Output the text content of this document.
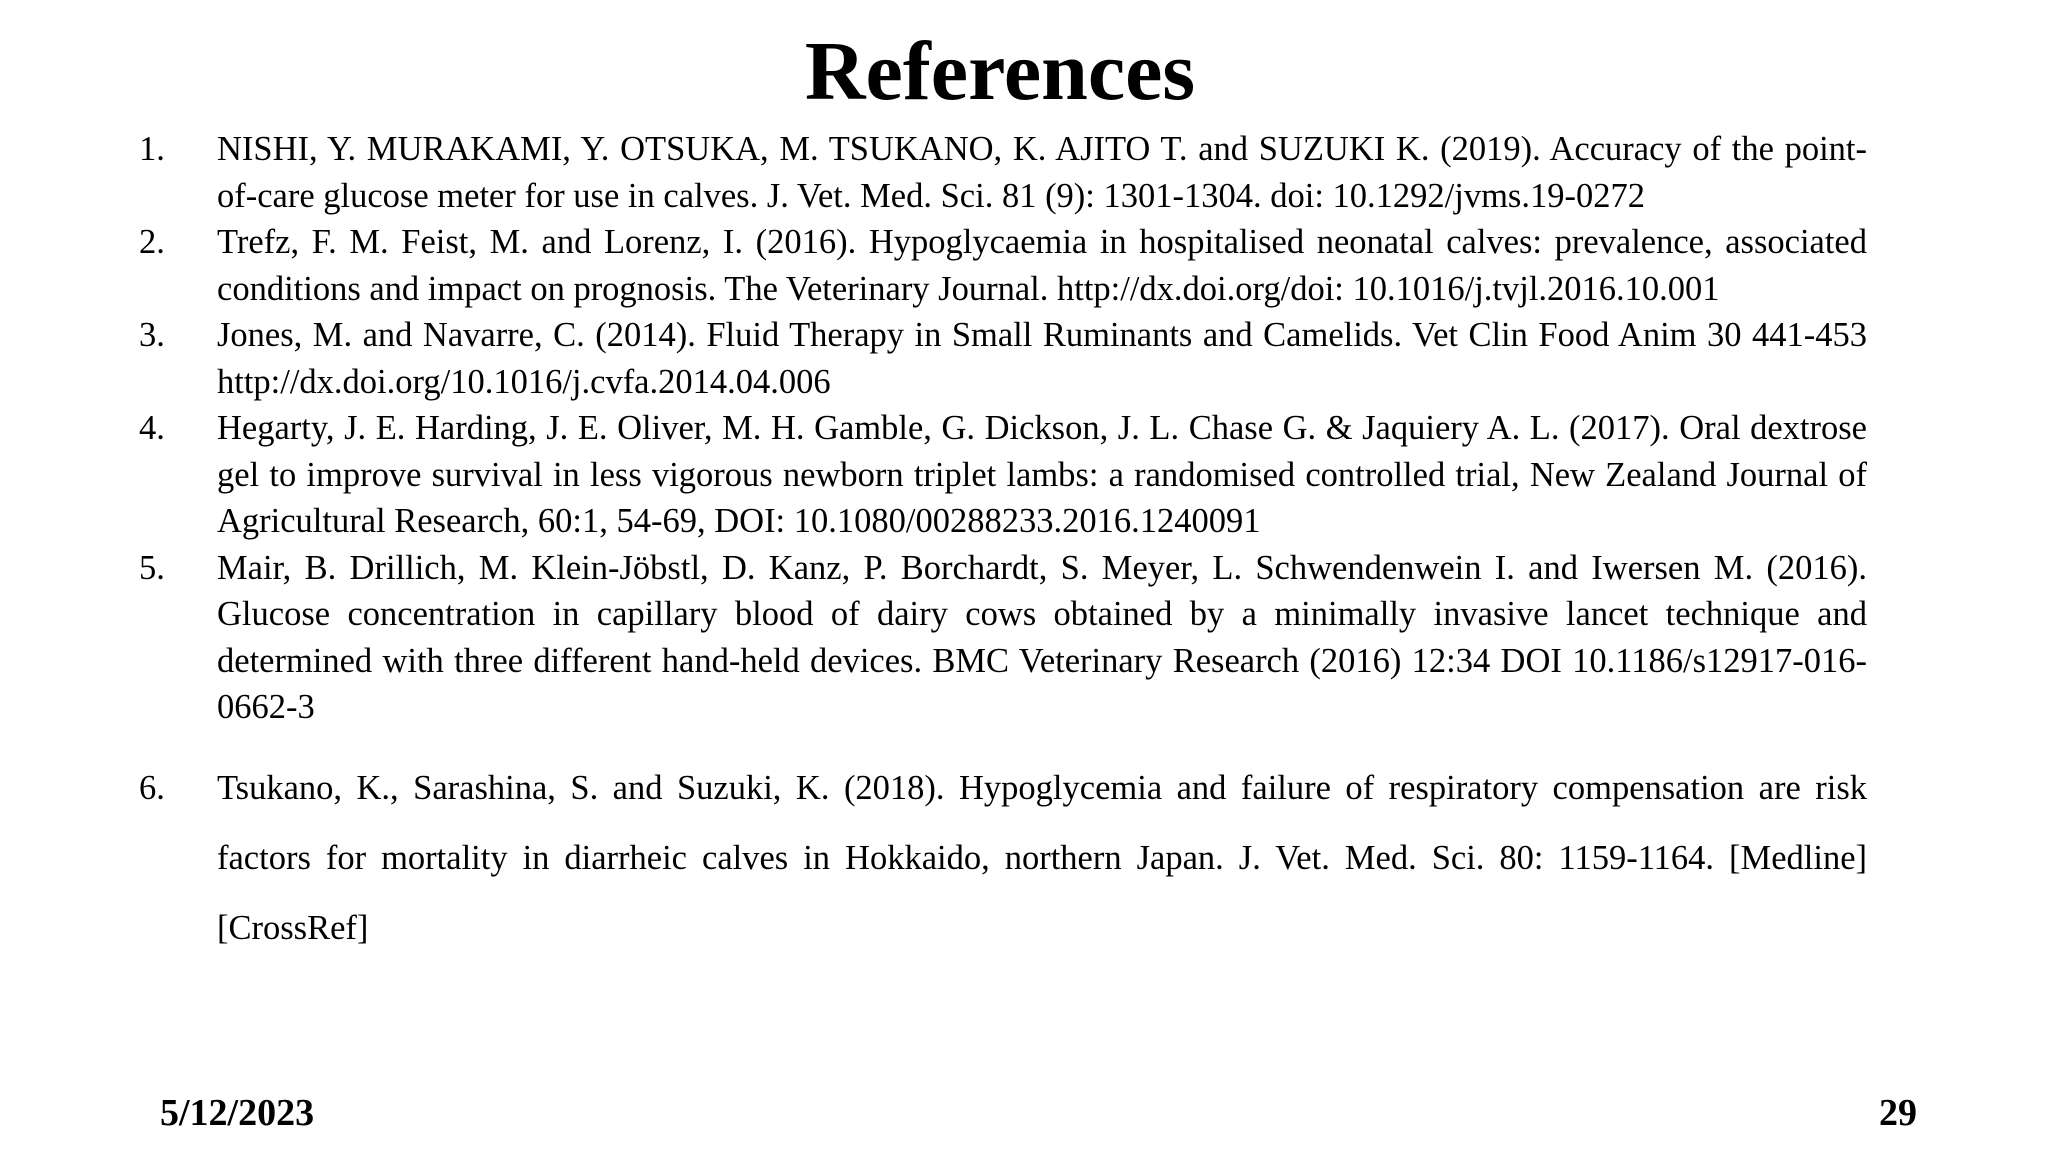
References
1. NISHI, Y. MURAKAMI, Y. OTSUKA, M. TSUKANO, K. AJITO T. and SUZUKI K. (2019). Accuracy of the point-of-care glucose meter for use in calves. J. Vet. Med. Sci. 81 (9): 1301-1304. doi: 10.1292/jvms.19-0272
2. Trefz, F. M. Feist, M. and Lorenz, I. (2016). Hypoglycaemia in hospitalised neonatal calves: prevalence, associated conditions and impact on prognosis. The Veterinary Journal. http://dx.doi.org/doi: 10.1016/j.tvjl.2016.10.001
3. Jones, M. and Navarre, C. (2014). Fluid Therapy in Small Ruminants and Camelids. Vet Clin Food Anim 30 441-453 http://dx.doi.org/10.1016/j.cvfa.2014.04.006
4. Hegarty, J. E. Harding, J. E. Oliver, M. H. Gamble, G. Dickson, J. L. Chase G. & Jaquiery A. L. (2017). Oral dextrose gel to improve survival in less vigorous newborn triplet lambs: a randomised controlled trial, New Zealand Journal of Agricultural Research, 60:1, 54-69, DOI: 10.1080/00288233.2016.1240091
5. Mair, B. Drillich, M. Klein-Jöbstl, D. Kanz, P. Borchardt, S. Meyer, L. Schwendenwein I. and Iwersen M. (2016). Glucose concentration in capillary blood of dairy cows obtained by a minimally invasive lancet technique and determined with three different hand-held devices. BMC Veterinary Research (2016) 12:34 DOI 10.1186/s12917-016-0662-3
6. Tsukano, K., Sarashina, S. and Suzuki, K. (2018). Hypoglycemia and failure of respiratory compensation are risk factors for mortality in diarrheic calves in Hokkaido, northern Japan. J. Vet. Med. Sci. 80: 1159-1164. [Medline] [CrossRef]
5/12/2023	29
